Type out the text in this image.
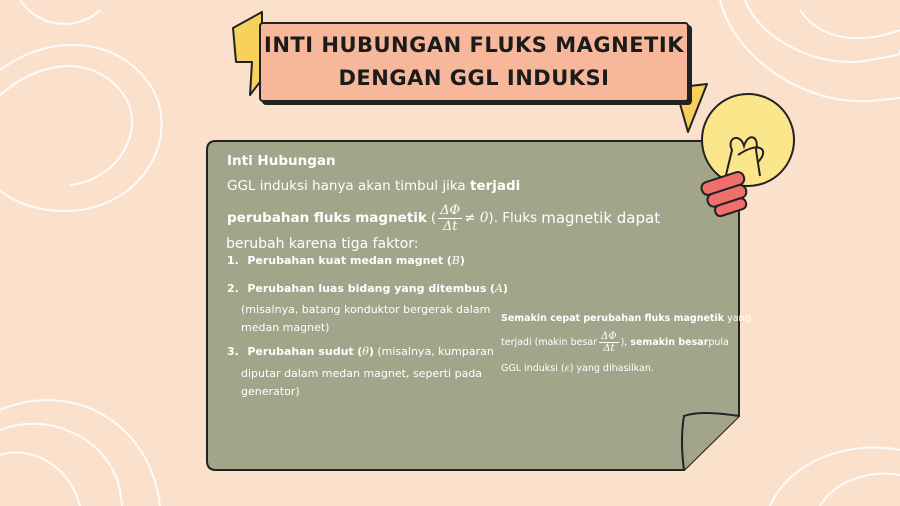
INTI HUBUNGAN FLUKS MAGNETIK
DENGAN GGL INDUKSI
Inti Hubungan
GGL induksi hanya akan timbul jika terjadi
perubahan fluks magnetik ( $\frac{\Delta\Phi}{\Delta t} \ne 0$ ). Fluks magnetik dapat
berubah karena tiga faktor:
1. Perubahan kuat medan magnet (B)
2. Perubahan luas bidang yang ditembus (A)
(misalnya, batang konduktor bergerak dalam
medan magnet)
3. Perubahan sudut (θ) (misalnya, kumparan
diputar dalam medan magnet, seperti pada
generator)
Semakin cepat perubahan fluks magnetik yang
terjadi (makin besar $\frac{\Delta\Phi}{\Delta t}$ ), semakin besar pula
GGL induksi (ε) yang dihasilkan.
